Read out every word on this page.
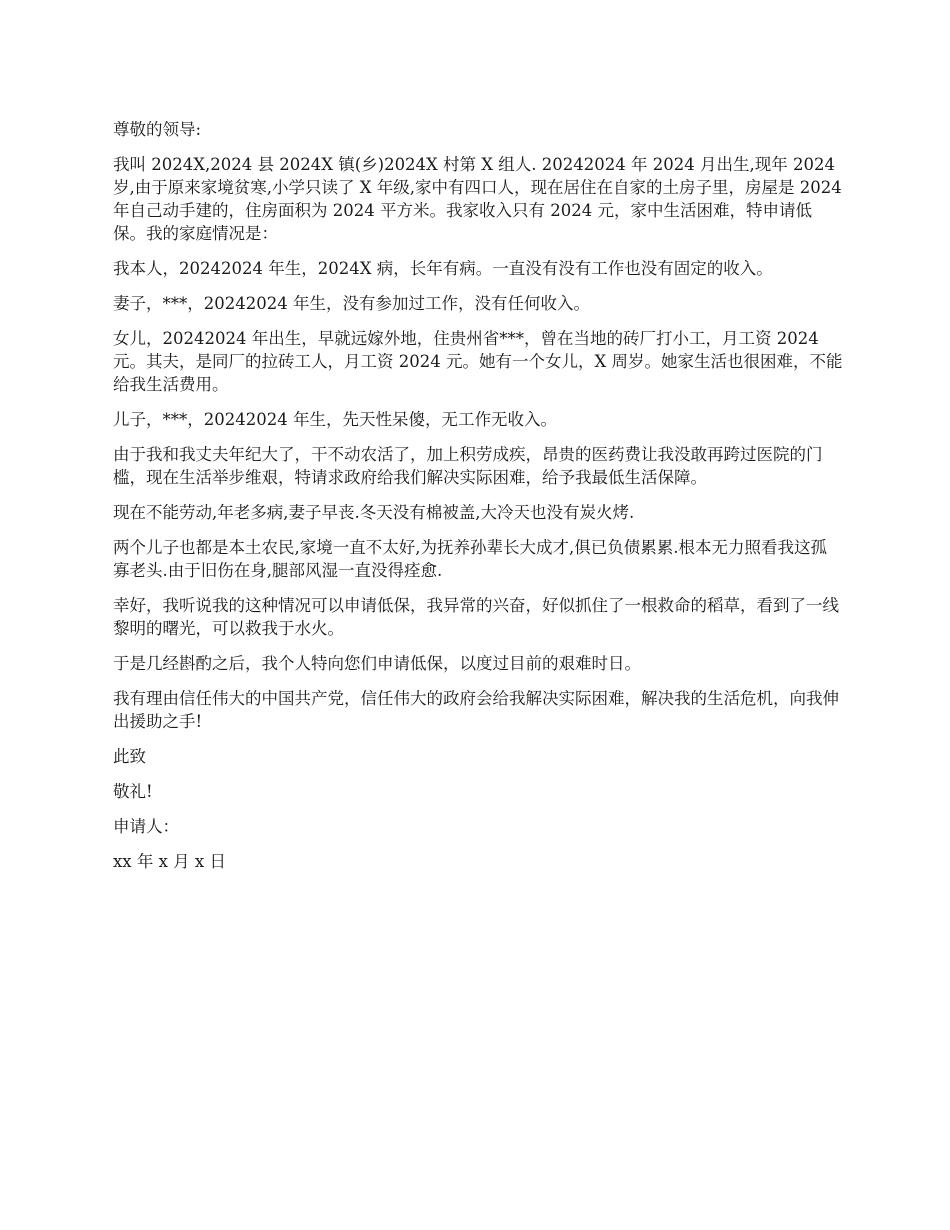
尊敬的领导:

我叫 2024X,2024 县 2024X 镇(乡)2024X 村第 X 组人. 20242024 年 2024 月出生,现年 2024 岁,由于原来家境贫寒,小学只读了 X 年级,家中有四口人，现在居住在自家的土房子里，房屋是 2024 年自己动手建的，住房面积为 2024 平方米。我家收入只有 2024 元，家中生活困难，特申请低保。我的家庭情况是：

我本人，20242024 年生，2024X 病，长年有病。一直没有没有工作也没有固定的收入。

妻子，***，20242024 年生，没有参加过工作，没有任何收入。

女儿，20242024 年出生，早就远嫁外地，住贵州省***，曾在当地的砖厂打小工，月工资 2024 元。其夫，是同厂的拉砖工人，月工资 2024 元。她有一个女儿，X 周岁。她家生活也很困难，不能给我生活费用。

儿子，***，20242024 年生，先天性呆傻，无工作无收入。

由于我和我丈夫年纪大了，干不动农活了，加上积劳成疾，昂贵的医药费让我没敢再跨过医院的门槛，现在生活举步维艰，特请求政府给我们解决实际困难，给予我最低生活保障。

现在不能劳动,年老多病,妻子早丧.冬天没有棉被盖,大冷天也没有炭火烤.

两个儿子也都是本土农民,家境一直不太好,为抚养孙辈长大成才,俱已负债累累.根本无力照看我这孤寡老头.由于旧伤在身,腿部风湿一直没得痊愈.

幸好，我听说我的这种情况可以申请低保，我异常的兴奋，好似抓住了一根救命的稻草，看到了一线黎明的曙光，可以救我于水火。

于是几经斟酌之后，我个人特向您们申请低保，以度过目前的艰难时日。

我有理由信任伟大的中国共产党，信任伟大的政府会给我解决实际困难，解决我的生活危机，向我伸出援助之手!

此致

敬礼!

申请人：

xx 年 x 月 x 日
